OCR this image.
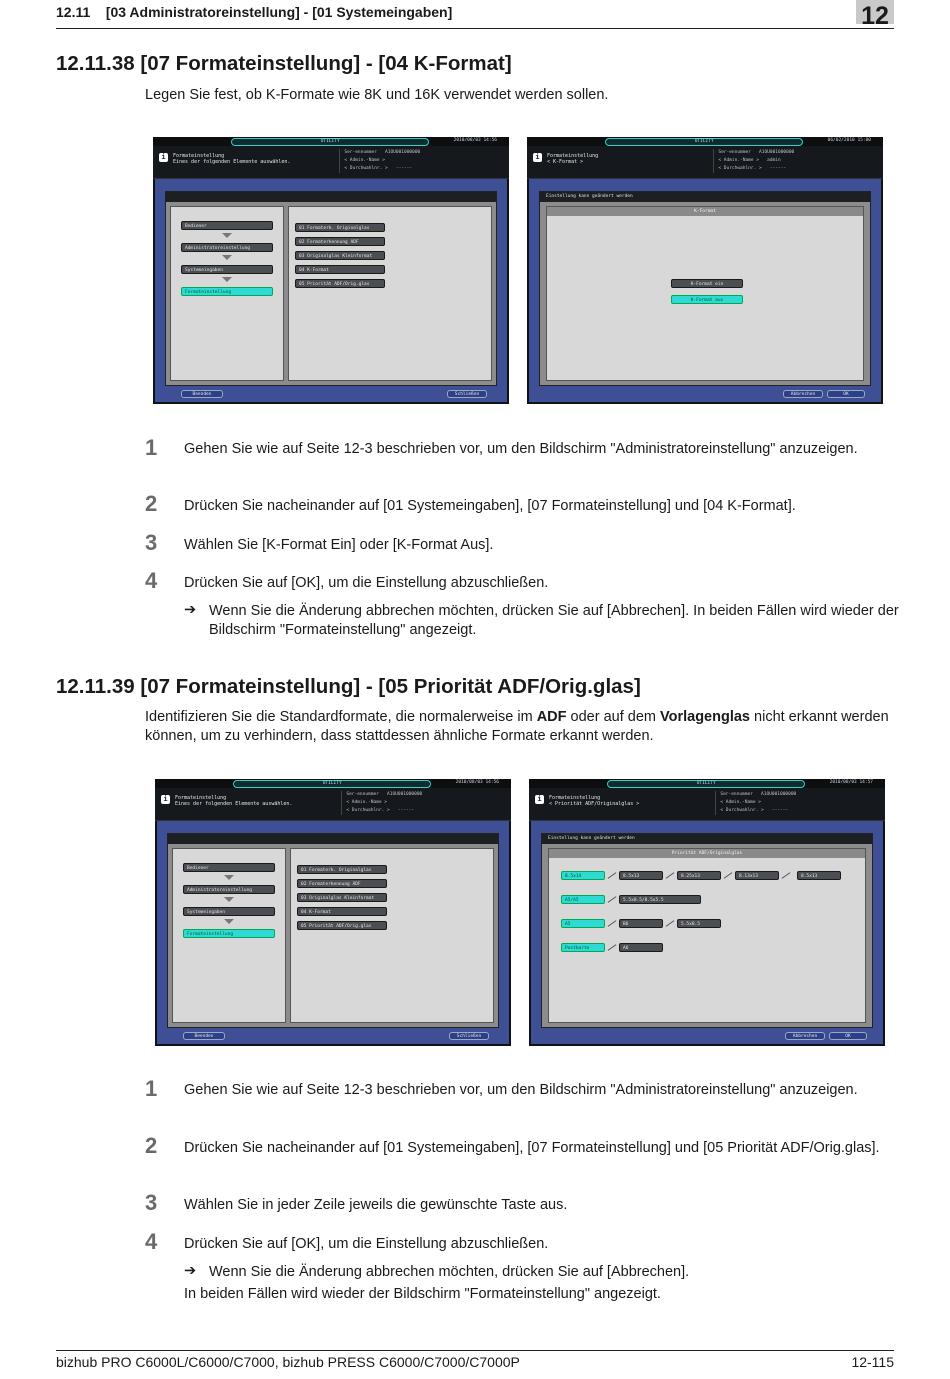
12.11 [03 Administratoreinstellung] - [01 Systemeingaben]	12
12.11.38 [07 Formateinstellung] - [04 K-Format]
Legen Sie fest, ob K-Formate wie 8K und 16K verwendet werden sollen.
UTILITY	2010/08/03 14:56
i	Formateinstellung
Eines der folgenden Elemente auswählen.
Ser-ennummer A1OU001000000
< Admin.-Name >
< Durchwahlnr. > ------
Bediener
Administratoreinstellung
Systemeingaben
Formateinstellung
01 Formaterk. Originalglas
02 Formaterkennung ADF
03 Originalglas Kleinformat
04 K-Format
05 Priorität ADF/Orig.glas
Beenden	Schließen
UTILITY	06/02/2010 15:00
i	Formateinstellung
< K-Format >
Ser-ennummer A1OU001000000
< Admin.-Name > admin
< Durchwahlnr. > ------
Einstellung kann geändert werden
K-Format
K-Format ein
K-Format aus
Abbrechen	OK
1 Gehen Sie wie auf Seite 12-3 beschrieben vor, um den Bildschirm "Administratoreinstellung" anzuzeigen.
2 Drücken Sie nacheinander auf [01 Systemeingaben], [07 Formateinstellung] und [04 K-Format].
3 Wählen Sie [K-Format Ein] oder [K-Format Aus].
4 Drücken Sie auf [OK], um die Einstellung abzuschließen.
➔ Wenn Sie die Änderung abbrechen möchten, drücken Sie auf [Abbrechen]. In beiden Fällen wird wieder der Bildschirm "Formateinstellung" angezeigt.
12.11.39 [07 Formateinstellung] - [05 Priorität ADF/Orig.glas]
Identifizieren Sie die Standardformate, die normalerweise im ADF oder auf dem Vorlagenglas nicht erkannt werden können, um zu verhindern, dass stattdessen ähnliche Formate erkannt werden.
UTILITY	2010/08/03 14:56
i	Formateinstellung
Eines der folgenden Elemente auswählen.
Ser-ennummer A1OU001000000
< Admin.-Name >
< Durchwahlnr. > ------
Bediener
Administratoreinstellung
Systemeingaben
Formateinstellung
01 Formaterk. Originalglas
02 Formaterkennung ADF
03 Originalglas Kleinformat
04 K-Format
05 Priorität ADF/Orig.glas
Beenden	Schließen
UTILITY	2010/08/03 14:57
i	Formateinstellung
< Priorität ADF/Originalglas >
Ser-ennummer A1OU001000000
< Admin.-Name >
< Durchwahlnr. > ------
Einstellung kann geändert werden
Priorität ADF/Originalglas
8.5x14	8.5x13	8.25x13	8.13x13	8.5x13
A5/A5	5.5x8.5/8.5x5.5
A5	B6	5.5x8.5
Postkarte	A6
Abbrechen	OK
1 Gehen Sie wie auf Seite 12-3 beschrieben vor, um den Bildschirm "Administratoreinstellung" anzuzeigen.
2 Drücken Sie nacheinander auf [01 Systemeingaben], [07 Formateinstellung] und [05 Priorität ADF/Orig.glas].
3 Wählen Sie in jeder Zeile jeweils die gewünschte Taste aus.
4 Drücken Sie auf [OK], um die Einstellung abzuschließen.
➔ Wenn Sie die Änderung abbrechen möchten, drücken Sie auf [Abbrechen].
In beiden Fällen wird wieder der Bildschirm "Formateinstellung" angezeigt.
bizhub PRO C6000L/C6000/C7000, bizhub PRESS C6000/C7000/C7000P	12-115
